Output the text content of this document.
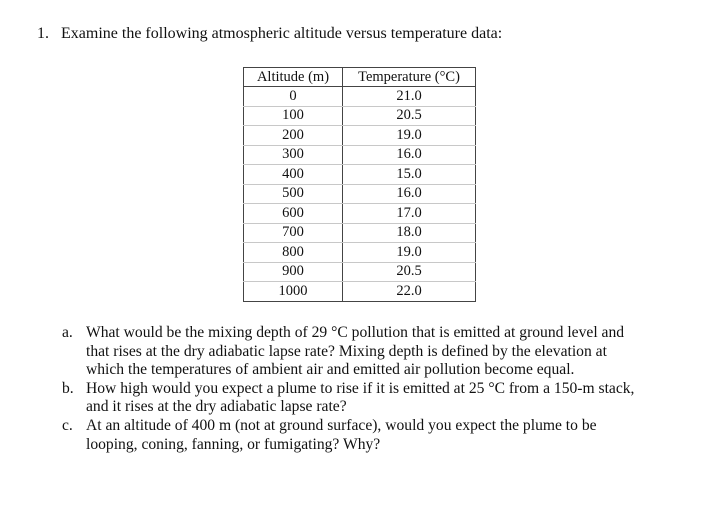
1. Examine the following atmospheric altitude versus temperature data:
Altitude (m)	Temperature (°C)
0	21.0
100	20.5
200	19.0
300	16.0
400	15.0
500	16.0
600	17.0
700	18.0
800	19.0
900	20.5
1000	22.0
a. What would be the mixing depth of 29 °C pollution that is emitted at ground level and
that rises at the dry adiabatic lapse rate? Mixing depth is defined by the elevation at
which the temperatures of ambient air and emitted air pollution become equal.
b. How high would you expect a plume to rise if it is emitted at 25 °C from a 150-m stack,
and it rises at the dry adiabatic lapse rate?
c. At an altitude of 400 m (not at ground surface), would you expect the plume to be
looping, coning, fanning, or fumigating? Why?
